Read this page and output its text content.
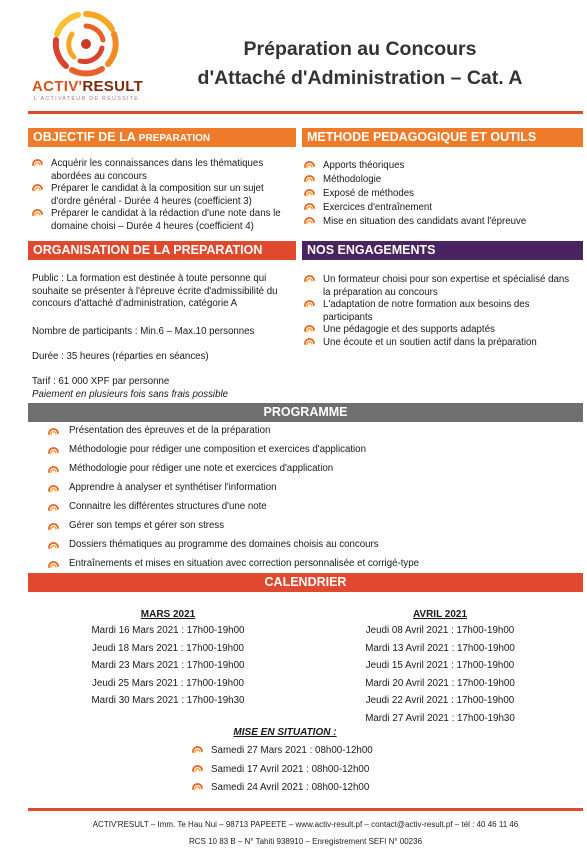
ACTIV'RESULT
L'ACTIVATEUR DE RÉUSSITE
Préparation au Concours
d'Attaché d'Administration – Cat. A
OBJECTIF DE LA PREPARATION
Acquérir les connaissances dans les thématiques abordées au concours
Préparer le candidat à la composition sur un sujet d'ordre général - Durée 4 heures (coefficient 3)
Préparer le candidat à la rédaction d'une note dans le domaine choisi – Durée 4 heures (coefficient 4)
METHODE PEDAGOGIQUE ET OUTILS
Apports théoriques
Méthodologie
Exposé de méthodes
Exercices d'entraînement
Mise en situation des candidats avant l'épreuve
ORGANISATION DE LA PREPARATION
Public : La formation est destinée à toute personne qui souhaite se présenter à l'épreuve écrite d'admissibilité du concours d'attaché d'administration, catégorie A
Nombre de participants : Min.6 – Max.10 personnes
Durée : 35 heures (réparties en séances)
Tarif : 61 000 XPF par personne
Paiement en plusieurs fois sans frais possible
NOS ENGAGEMENTS
Un formateur choisi pour son expertise et spécialisé dans la préparation au concours
L'adaptation de notre formation aux besoins des participants
Une pédagogie et des supports adaptés
Une écoute et un soutien actif dans la préparation
PROGRAMME
Présentation des épreuves et de la préparation
Méthodologie pour rédiger une composition et exercices d'application
Méthodologie pour rédiger une note et exercices d'application
Apprendre à analyser et synthétiser l'information
Connaitre les différentes structures d'une note
Gérer son temps et gérer son stress
Dossiers thématiques au programme des domaines choisis au concours
Entraînements et mises en situation avec correction personnalisée et corrigé-type
CALENDRIER
MARS 2021
Mardi 16 Mars 2021 : 17h00-19h00
Jeudi 18 Mars 2021 : 17h00-19h00
Mardi 23 Mars 2021 : 17h00-19h00
Jeudi 25 Mars 2021 : 17h00-19h00
Mardi 30 Mars 2021 : 17h00-19h30
AVRIL 2021
Jeudi 08 Avril 2021 : 17h00-19h00
Mardi 13 Avril 2021 : 17h00-19h00
Jeudi 15 Avril 2021 : 17h00-19h00
Mardi 20 Avril 2021 : 17h00-19h00
Jeudi 22 Avril 2021 : 17h00-19h00
Mardi 27 Avril 2021 : 17h00-19h30
MISE EN SITUATION :
Samedi 27 Mars 2021 : 08h00-12h00
Samedi 17 Avril 2021 : 08h00-12h00
Samedi 24 Avril 2021 : 08h00-12h00
ACTIV'RESULT – Imm. Te Hau Nui – 98713 PAPEETE – www.activ-result.pf – contact@activ-result.pf – tél : 40 46 11 46
RCS 10 83 B – N° Tahiti 938910 – Enregistrement SEFI N° 00236
